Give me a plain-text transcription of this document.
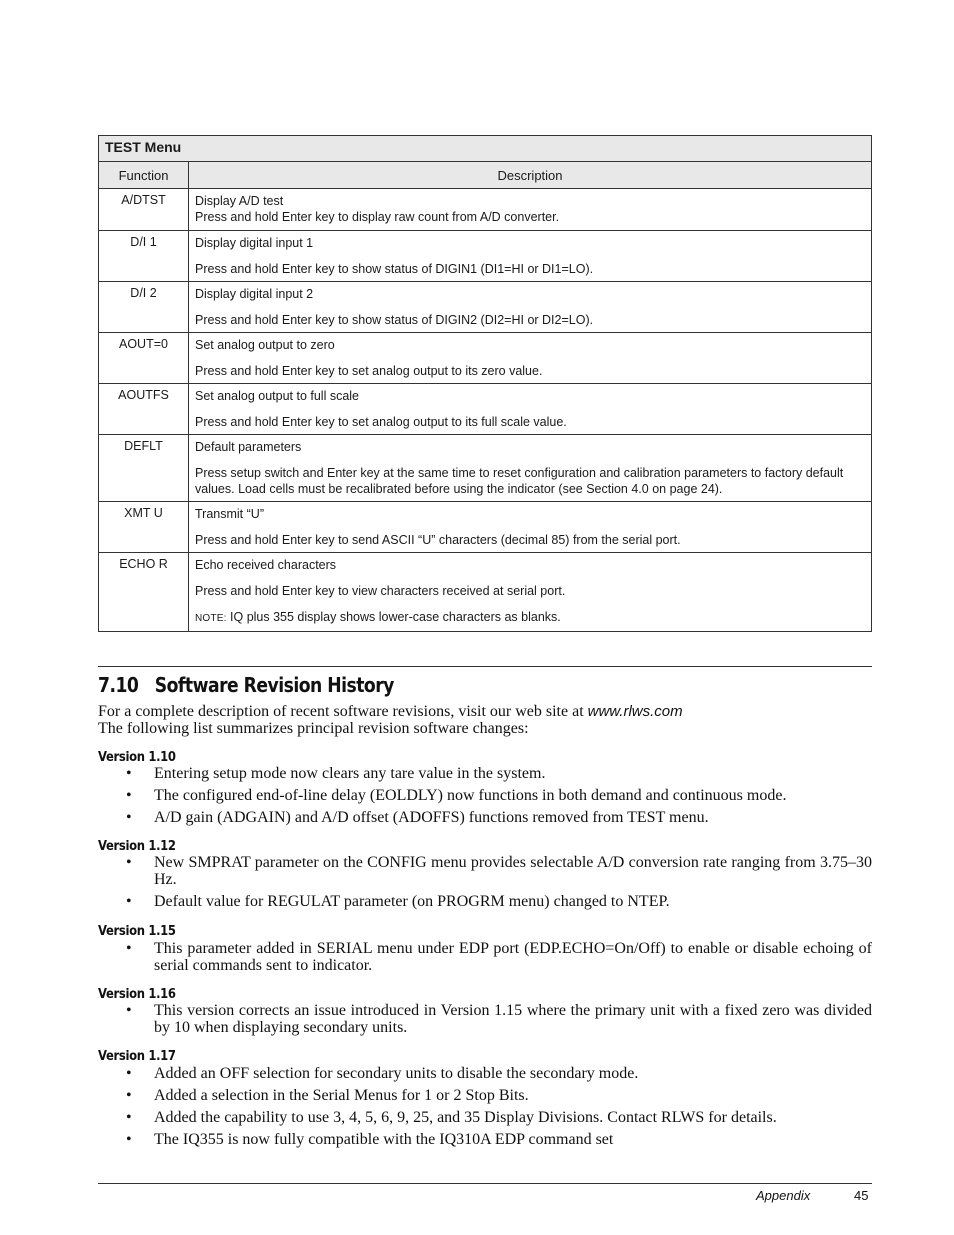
TEST Menu	
Function	Description
A/DTST	Display A/D test
Press and hold Enter key to display raw count from A/D converter.

D/I 1	Display digital input 1
Press and hold Enter key to show status of DIGIN1 (DI1=HI or DI1=LO).

D/I 2	Display digital input 2
Press and hold Enter key to show status of DIGIN2 (DI2=HI or DI2=LO).

AOUT=0	Set analog output to zero
Press and hold Enter key to set analog output to its zero value.

AOUTFS	Set analog output to full scale
Press and hold Enter key to set analog output to its full scale value.

DEFLT	Default parameters
Press setup switch and Enter key at the same time to reset configuration and calibration parameters to factory default values. Load cells must be recalibrated before using the indicator (see Section 4.0 on page 24).

XMT U	Transmit “U”
Press and hold Enter key to send ASCII “U” characters (decimal 85) from the serial port.

ECHO R	Echo received characters
Press and hold Enter key to view characters received at serial port.
NOTE: IQ plus 355 display shows lower-case characters as blanks.
7.10 Software Revision History
For a complete description of recent software revisions, visit our web site at www.rlws.com
The following list summarizes principal revision software changes:
Version 1.10
• Entering setup mode now clears any tare value in the system.
• The configured end-of-line delay (EOLDLY) now functions in both demand and continuous mode.
• A/D gain (ADGAIN) and A/D offset (ADOFFS) functions removed from TEST menu.
Version 1.12
• New SMPRAT parameter on the CONFIG menu provides selectable A/D conversion rate ranging from 3.75–30 Hz.
• Default value for REGULAT parameter (on PROGRM menu) changed to NTEP.
Version 1.15
• This parameter added in SERIAL menu under EDP port (EDP.ECHO=On/Off) to enable or disable echoing of serial commands sent to indicator.
Version 1.16
• This version corrects an issue introduced in Version 1.15 where the primary unit with a fixed zero was divided by 10 when displaying secondary units.
Version 1.17
• Added an OFF selection for secondary units to disable the secondary mode.
• Added a selection in the Serial Menus for 1 or 2 Stop Bits.
• Added the capability to use 3, 4, 5, 6, 9, 25, and 35 Display Divisions. Contact RLWS for details.
• The IQ355 is now fully compatible with the IQ310A EDP command set
Appendix	45
